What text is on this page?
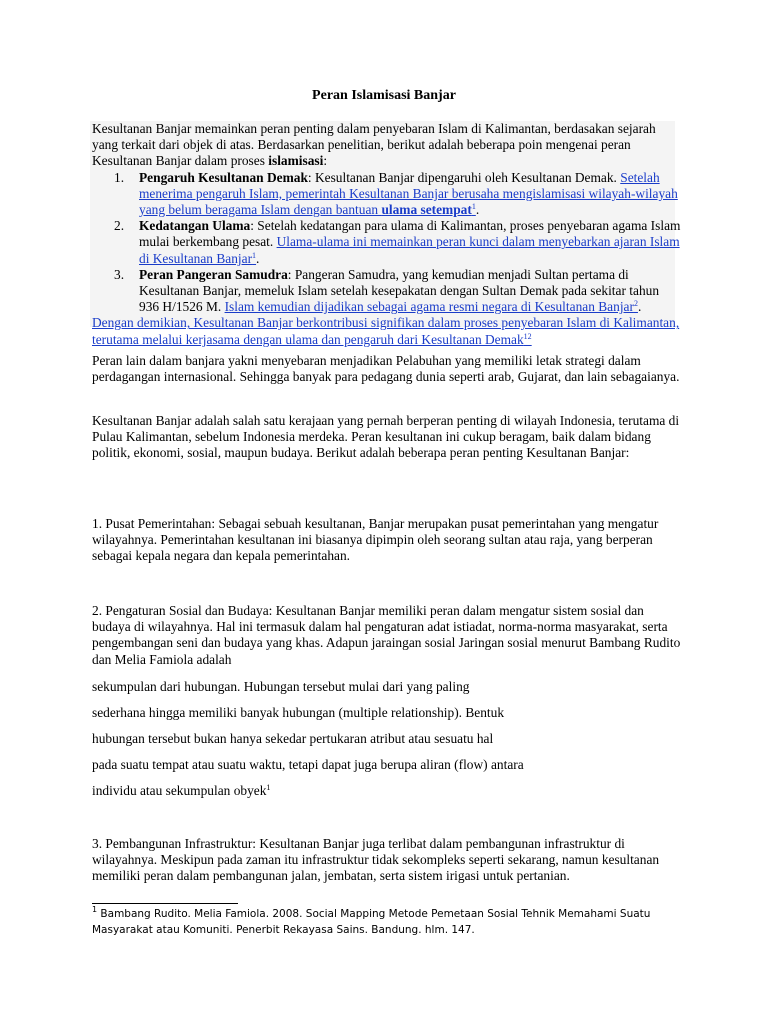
Peran Islamisasi Banjar

Kesultanan Banjar memainkan peran penting dalam penyebaran Islam di Kalimantan, berdasakan sejarah yang terkait dari objek di atas. Berdasarkan penelitian, berikut adalah beberapa poin mengenai peran Kesultanan Banjar dalam proses islamisasi:

1. Pengaruh Kesultanan Demak: Kesultanan Banjar dipengaruhi oleh Kesultanan Demak. Setelah menerima pengaruh Islam, pemerintah Kesultanan Banjar berusaha mengislamisasi wilayah-wilayah yang belum beragama Islam dengan bantuan ulama setempat$^1$.
2. Kedatangan Ulama: Setelah kedatangan para ulama di Kalimantan, proses penyebaran agama Islam mulai berkembang pesat. Ulama-ulama ini memainkan peran kunci dalam menyebarkan ajaran Islam di Kesultanan Banjar$^1$.
3. Peran Pangeran Samudra: Pangeran Samudra, yang kemudian menjadi Sultan pertama di Kesultanan Banjar, memeluk Islam setelah kesepakatan dengan Sultan Demak pada sekitar tahun 936 H/1526 M. Islam kemudian dijadikan sebagai agama resmi negara di Kesultanan Banjar$^2$.

Dengan demikian, Kesultanan Banjar berkontribusi signifikan dalam proses penyebaran Islam di Kalimantan, terutama melalui kerjasama dengan ulama dan pengaruh dari Kesultanan Demak$^{12}$

Peran lain dalam banjara yakni menyebaran menjadikan Pelabuhan yang memiliki letak strategi dalam perdagangan internasional. Sehingga banyak para pedagang dunia seperti arab, Gujarat, dan lain sebagaianya.

Kesultanan Banjar adalah salah satu kerajaan yang pernah berperan penting di wilayah Indonesia, terutama di Pulau Kalimantan, sebelum Indonesia merdeka. Peran kesultanan ini cukup beragam, baik dalam bidang politik, ekonomi, sosial, maupun budaya. Berikut adalah beberapa peran penting Kesultanan Banjar:

1. Pusat Pemerintahan: Sebagai sebuah kesultanan, Banjar merupakan pusat pemerintahan yang mengatur wilayahnya. Pemerintahan kesultanan ini biasanya dipimpin oleh seorang sultan atau raja, yang berperan sebagai kepala negara dan kepala pemerintahan.

2. Pengaturan Sosial dan Budaya: Kesultanan Banjar memiliki peran dalam mengatur sistem sosial dan budaya di wilayahnya. Hal ini termasuk dalam hal pengaturan adat istiadat, norma-norma masyarakat, serta pengembangan seni dan budaya yang khas. Adapun jaraingan sosial Jaringan sosial menurut Bambang Rudito dan Melia Famiola adalah

sekumpulan dari hubungan. Hubungan tersebut mulai dari yang paling
sederhana hingga memiliki banyak hubungan (multiple relationship). Bentuk
hubungan tersebut bukan hanya sekedar pertukaran atribut atau sesuatu hal
pada suatu tempat atau suatu waktu, tetapi dapat juga berupa aliran (flow) antara
individu atau sekumpulan obyek$^1$

3. Pembangunan Infrastruktur: Kesultanan Banjar juga terlibat dalam pembangunan infrastruktur di wilayahnya. Meskipun pada zaman itu infrastruktur tidak sekompleks seperti sekarang, namun kesultanan memiliki peran dalam pembangunan jalan, jembatan, serta sistem irigasi untuk pertanian.

$^1$ Bambang Rudito. Melia Famiola. 2008. Social Mapping Metode Pemetaan Sosial Tehnik Memahami Suatu Masyarakat atau Komuniti. Penerbit Rekayasa Sains. Bandung. hlm. 147.
